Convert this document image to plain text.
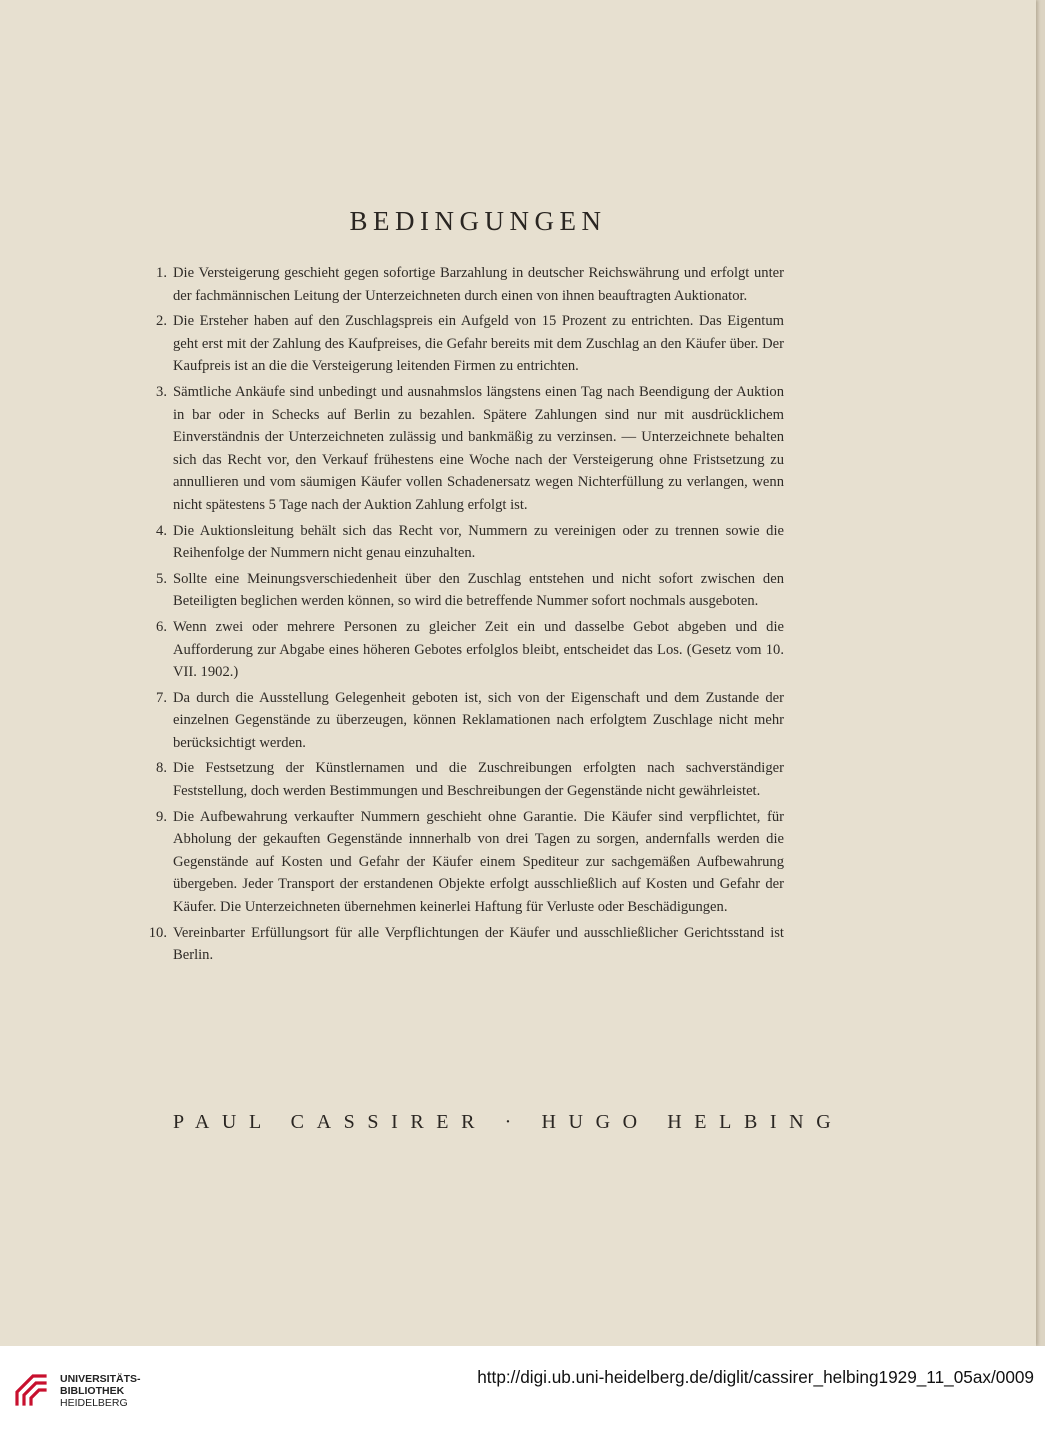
BEDINGUNGEN
1. Die Versteigerung geschieht gegen sofortige Barzahlung in deutscher Reichswährung und erfolgt unter der fachmännischen Leitung der Unterzeichneten durch einen von ihnen beauftragten Auktionator.
2. Die Ersteher haben auf den Zuschlagspreis ein Aufgeld von 15 Prozent zu entrichten. Das Eigentum geht erst mit der Zahlung des Kaufpreises, die Gefahr bereits mit dem Zuschlag an den Käufer über. Der Kaufpreis ist an die die Versteigerung leitenden Firmen zu entrichten.
3. Sämtliche Ankäufe sind unbedingt und ausnahmslos längstens einen Tag nach Beendigung der Auktion in bar oder in Schecks auf Berlin zu bezahlen. Spätere Zahlungen sind nur mit ausdrücklichem Einverständnis der Unterzeichneten zulässig und bankmäßig zu verzinsen. — Unterzeichnete behalten sich das Recht vor, den Verkauf frühestens eine Woche nach der Versteigerung ohne Fristsetzung zu annullieren und vom säumigen Käufer vollen Schadenersatz wegen Nichterfüllung zu verlangen, wenn nicht spätestens 5 Tage nach der Auktion Zahlung erfolgt ist.
4. Die Auktionsleitung behält sich das Recht vor, Nummern zu vereinigen oder zu trennen sowie die Reihenfolge der Nummern nicht genau einzuhalten.
5. Sollte eine Meinungsverschiedenheit über den Zuschlag entstehen und nicht sofort zwischen den Beteiligten beglichen werden können, so wird die betreffende Nummer sofort nochmals ausgeboten.
6. Wenn zwei oder mehrere Personen zu gleicher Zeit ein und dasselbe Gebot abgeben und die Aufforderung zur Abgabe eines höheren Gebotes erfolglos bleibt, entscheidet das Los. (Gesetz vom 10. VII. 1902.)
7. Da durch die Ausstellung Gelegenheit geboten ist, sich von der Eigenschaft und dem Zustande der einzelnen Gegenstände zu überzeugen, können Reklamationen nach erfolgtem Zuschlage nicht mehr berücksichtigt werden.
8. Die Festsetzung der Künstlernamen und die Zuschreibungen erfolgten nach sachverständiger Feststellung, doch werden Bestimmungen und Beschreibungen der Gegenstände nicht gewährleistet.
9. Die Aufbewahrung verkaufter Nummern geschieht ohne Garantie. Die Käufer sind verpflichtet, für Abholung der gekauften Gegenstände innnerhalb von drei Tagen zu sorgen, andernfalls werden die Gegenstände auf Kosten und Gefahr der Käufer einem Spediteur zur sachgemäßen Aufbewahrung übergeben. Jeder Transport der erstandenen Objekte erfolgt ausschließlich auf Kosten und Gefahr der Käufer. Die Unterzeichneten übernehmen keinerlei Haftung für Verluste oder Beschädigungen.
10. Vereinbarter Erfüllungsort für alle Verpflichtungen der Käufer und ausschließlicher Gerichtsstand ist Berlin.

PAUL CASSIRER · HUGO HELBING

UNIVERSITÄTS-
BIBLIOTHEK
HEIDELBERG
http://digi.ub.uni-heidelberg.de/diglit/cassirer_helbing1929_11_05ax/0009
